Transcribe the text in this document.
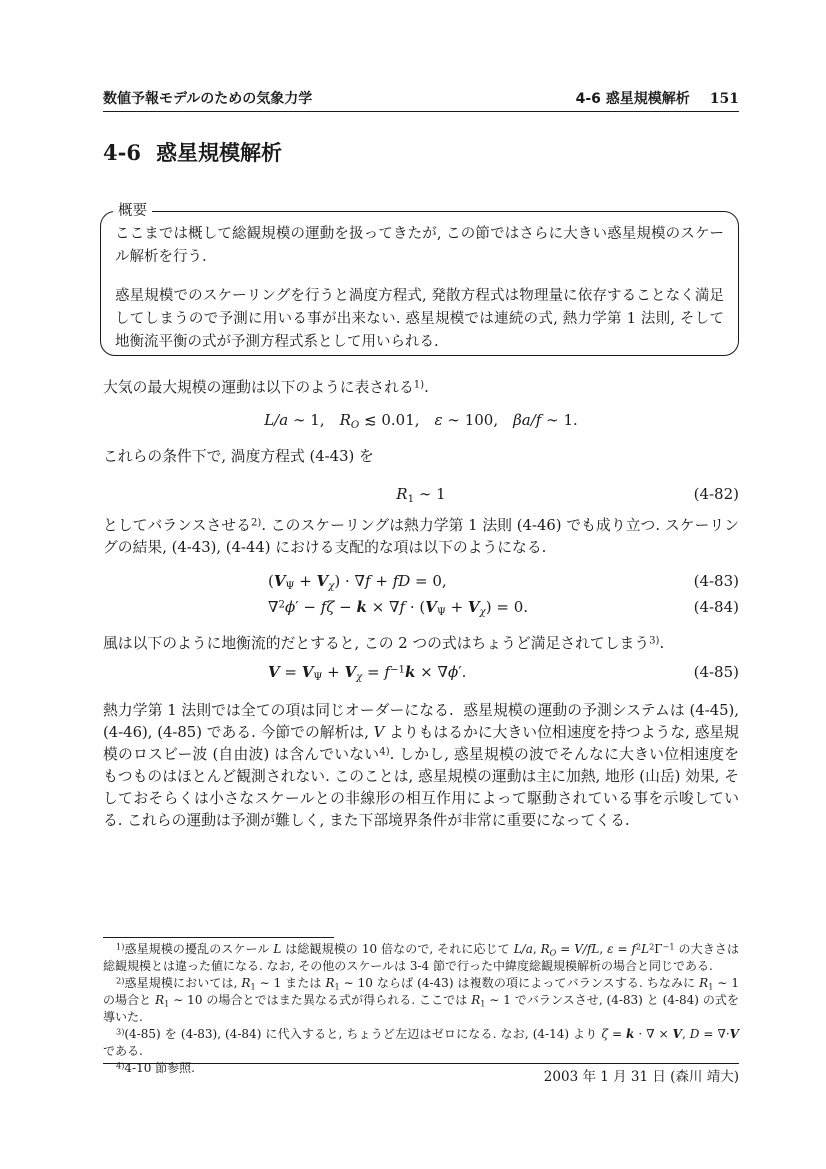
数値予報モデルのための気象力学	4-6 惑星規模解析 151
4-6 惑星規模解析
概要

ここまでは概して総観規模の運動を扱ってきたが, この節ではさらに大きい惑星規模のスケール解析を行う.

惑星規模でのスケーリングを行うと渦度方程式, 発散方程式は物理量に依存することなく満足してしまうので予測に用いる事が出来ない. 惑星規模では連続の式, 熱力学第 1 法則, そして地衡流平衡の式が予測方程式系として用いられる.

大気の最大規模の運動は以下のように表される$^{1)}$.

L/a ∼ 1, $R_O$ ≲ 0.01, ε ∼ 100, βa/f ∼ 1.

これらの条件下で, 渦度方程式 (4-43) を

$R_1$ ∼ 1	(4-82)

としてバランスさせる$^{2)}$. このスケーリングは熱力学第 1 法則 (4-46) でも成り立つ. スケーリングの結果, (4-43), (4-44) における支配的な項は以下のようになる.

$(V_\Psi + V_\chi) \cdot \nabla f$ + fD = 0,	(4-83)
$\nabla^2\phi' - f\zeta - k \times \nabla f \cdot (V_\Psi + V_\chi) = 0$.	(4-84)

風は以下のように地衡流的だとすると, この 2 つの式はちょうど満足されてしまう$^{3)}$.

$V = V_\Psi + V_\chi = f^{-1}k \times \nabla\phi'$.	(4-85)

熱力学第 1 法則では全ての項は同じオーダーになる.  惑星規模の運動の予測システムは (4-45), (4-46), (4-85) である. 今節での解析は, V よりもはるかに大きい位相速度を持つような, 惑星規模のロスビー波 (自由波) は含んでいない$^{4)}$. しかし, 惑星規模の波でそんなに大きい位相速度をもつものはほとんど観測されない. このことは, 惑星規模の運動は主に加熱, 地形 (山岳) 効果, そしておそらくは小さなスケールとの非線形の相互作用によって駆動されている事を示唆している. これらの運動は予測が難しく, また下部境界条件が非常に重要になってくる.

$^{1)}$惑星規模の擾乱のスケール L は総観規模の 10 倍なので, それに応じて L/a, $R_O = V/fL$, $\varepsilon = f^2L^2\Gamma^{-1}$ の大きさは総観規模とは違った値になる. なお, その他のスケールは 3-4 節で行った中緯度総観規模解析の場合と同じである.

$^{2)}$惑星規模においては, $R_1$ ∼ 1 または $R_1$ ∼ 10 ならば (4-43) は複数の項によってバランスする. ちなみに $R_1$ ∼ 1 の場合と $R_1$ ∼ 10 の場合とではまた異なる式が得られる. ここでは $R_1$ ∼ 1 でバランスさせ, (4-83) と (4-84) の式を導いた.

$^{3)}$(4-85) を (4-83), (4-84) に代入すると, ちょうど左辺はゼロになる. なお, (4-14) より ζ = k · ∇ × V, D = ∇·V である.

$^{4)}$4-10 節参照.

2003 年 1 月 31 日 (森川 靖大)
